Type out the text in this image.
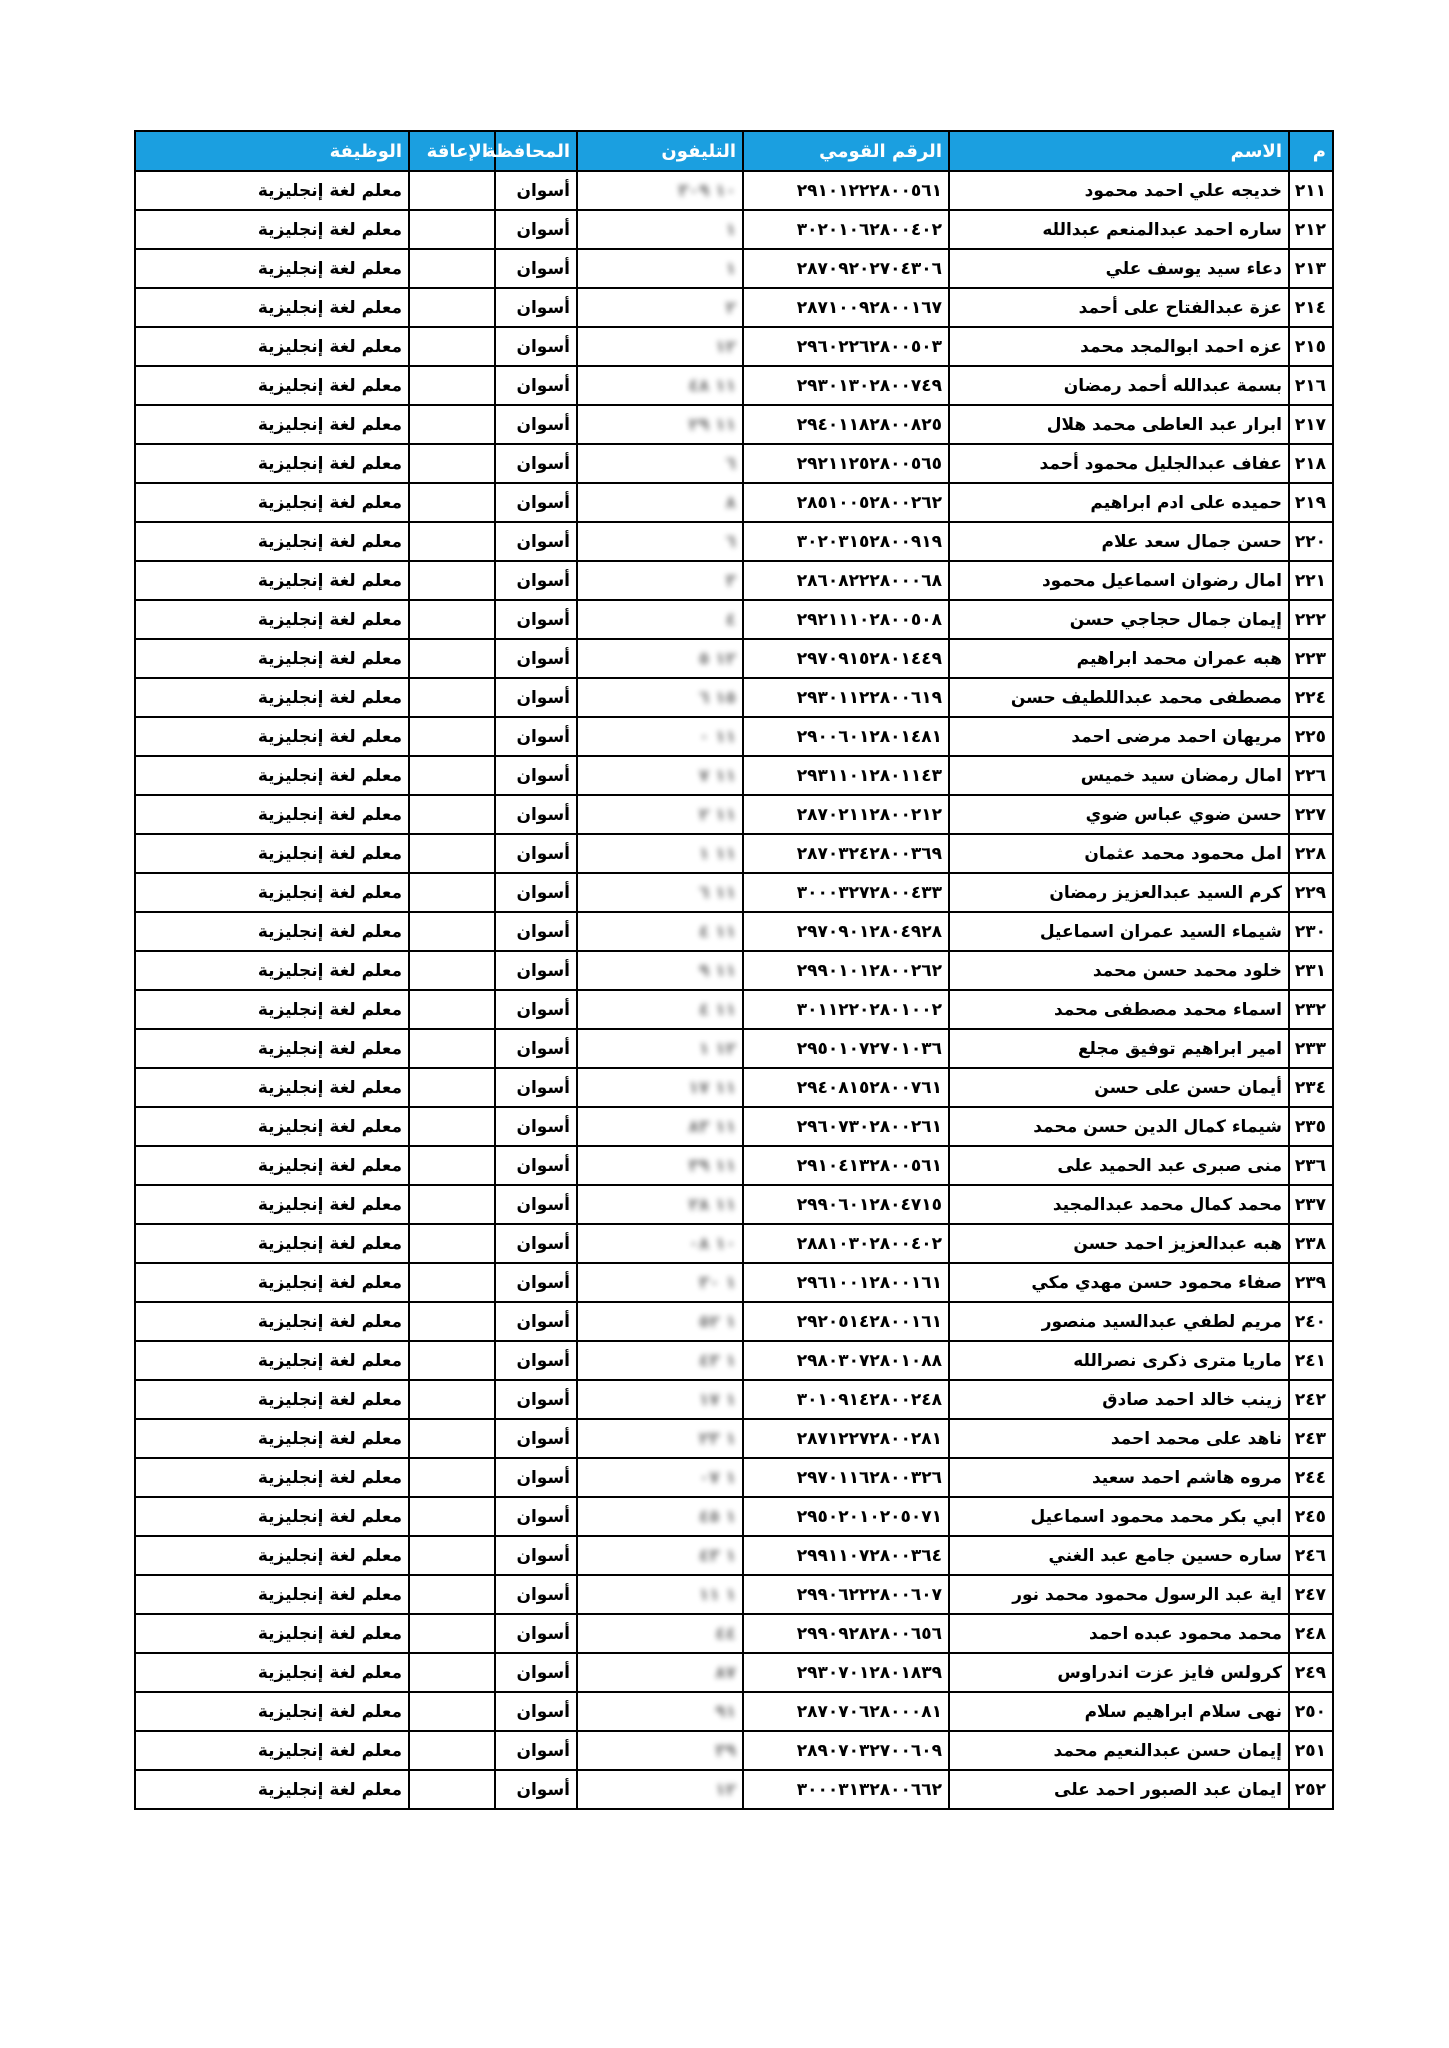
م	الاسم	الرقم القومي	التليفون	المحافظة	الإعاقة	الوظيفة
٢١١	خديجه علي احمد محمود	٢٩١٠١٢٢٢٨٠٠٥٦١	١٠ ٣٠٩	أسوان		معلم لغة إنجليزية
٢١٢	ساره احمد عبدالمنعم عبدالله	٣٠٢٠١٠٦٢٨٠٠٤٠٢	١	أسوان		معلم لغة إنجليزية
٢١٣	دعاء سيد يوسف علي	٢٨٧٠٩٢٠٢٧٠٤٣٠٦	١	أسوان		معلم لغة إنجليزية
٢١٤	عزة عبدالفتاح على أحمد	٢٨٧١٠٠٩٢٨٠٠١٦٧	٢	أسوان		معلم لغة إنجليزية
٢١٥	عزه احمد ابوالمجد محمد	٢٩٦٠٢٢٦٢٨٠٠٥٠٣	١٢	أسوان		معلم لغة إنجليزية
٢١٦	بسمة عبدالله أحمد رمضان	٢٩٣٠١٣٠٢٨٠٠٧٤٩	١١ ٤٨	أسوان		معلم لغة إنجليزية
٢١٧	ابرار عبد العاطى محمد هلال	٢٩٤٠١١٨٢٨٠٠٨٢٥	١١ ٢٩	أسوان		معلم لغة إنجليزية
٢١٨	عفاف عبدالجليل محمود أحمد	٢٩٢١١٢٥٢٨٠٠٥٦٥	٦	أسوان		معلم لغة إنجليزية
٢١٩	حميده على ادم ابراهيم	٢٨٥١٠٠٥٢٨٠٠٢٦٢	٨	أسوان		معلم لغة إنجليزية
٢٢٠	حسن جمال سعد علام	٣٠٢٠٣١٥٢٨٠٠٩١٩	٦	أسوان		معلم لغة إنجليزية
٢٢١	امال رضوان اسماعيل محمود	٢٨٦٠٨٢٢٢٨٠٠٠٦٨	٣	أسوان		معلم لغة إنجليزية
٢٢٢	إيمان جمال حجاجي حسن	٢٩٢١١١٠٢٨٠٠٥٠٨	٤	أسوان		معلم لغة إنجليزية
٢٢٣	هبه عمران محمد ابراهيم	٢٩٧٠٩١٥٢٨٠١٤٤٩	١٢ ٥	أسوان		معلم لغة إنجليزية
٢٢٤	مصطفى محمد عبداللطيف حسن	٢٩٣٠١١٢٢٨٠٠٦١٩	١٥ ٦	أسوان		معلم لغة إنجليزية
٢٢٥	مريهان احمد مرضى احمد	٢٩٠٠٦٠١٢٨٠١٤٨١	١١ ٠	أسوان		معلم لغة إنجليزية
٢٢٦	امال رمضان سيد خميس	٢٩٣١١٠١٢٨٠١١٤٣	١١ ٧	أسوان		معلم لغة إنجليزية
٢٢٧	حسن ضوي عباس ضوي	٢٨٧٠٢١١٢٨٠٠٢١٢	١١ ٢	أسوان		معلم لغة إنجليزية
٢٢٨	امل محمود محمد عثمان	٢٨٧٠٣٢٤٢٨٠٠٣٦٩	١١ ١	أسوان		معلم لغة إنجليزية
٢٢٩	كرم السيد عبدالعزيز رمضان	٣٠٠٠٣٢٧٢٨٠٠٤٣٣	١١ ٦	أسوان		معلم لغة إنجليزية
٢٣٠	شيماء السيد عمران اسماعيل	٢٩٧٠٩٠١٢٨٠٤٩٢٨	١١ ٤	أسوان		معلم لغة إنجليزية
٢٣١	خلود محمد حسن محمد	٢٩٩٠١٠١٢٨٠٠٢٦٢	١١ ٩	أسوان		معلم لغة إنجليزية
٢٣٢	اسماء محمد مصطفى محمد	٣٠١١٢٢٠٢٨٠١٠٠٢	١١ ٤	أسوان		معلم لغة إنجليزية
٢٣٣	امير ابراهيم توفيق مجلع	٢٩٥٠١٠٧٢٧٠١٠٣٦	١٢ ١	أسوان		معلم لغة إنجليزية
٢٣٤	أيمان حسن على حسن	٢٩٤٠٨١٥٢٨٠٠٧٦١	١١ ١٧	أسوان		معلم لغة إنجليزية
٢٣٥	شيماء كمال الدين حسن محمد	٢٩٦٠٧٣٠٢٨٠٠٢٦١	١١ ٨٣	أسوان		معلم لغة إنجليزية
٢٣٦	منى صبرى عبد الحميد على	٢٩١٠٤١٣٢٨٠٠٥٦١	١١ ٣٩	أسوان		معلم لغة إنجليزية
٢٣٧	محمد كمال محمد عبدالمجيد	٢٩٩٠٦٠١٢٨٠٤٧١٥	١١ ٢٨	أسوان		معلم لغة إنجليزية
٢٣٨	هبه عبدالعزيز احمد حسن	٢٨٨١٠٣٠٢٨٠٠٤٠٢	١٠ ٠٨	أسوان		معلم لغة إنجليزية
٢٣٩	صفاء محمود حسن مهدي مكي	٢٩٦١٠٠١٢٨٠٠١٦١	١ ٣٠	أسوان		معلم لغة إنجليزية
٢٤٠	مريم لطفي عبدالسيد منصور	٢٩٢٠٥١٤٢٨٠٠١٦١	١ ٥٢	أسوان		معلم لغة إنجليزية
٢٤١	ماريا مترى ذكرى نصرالله	٢٩٨٠٣٠٧٢٨٠١٠٨٨	١ ٤٣	أسوان		معلم لغة إنجليزية
٢٤٢	زينب خالد احمد صادق	٣٠١٠٩١٤٢٨٠٠٢٤٨	١ ١٧	أسوان		معلم لغة إنجليزية
٢٤٣	ناهد على محمد احمد	٢٨٧١٢٢٧٢٨٠٠٢٨١	١ ٢٣	أسوان		معلم لغة إنجليزية
٢٤٤	مروه هاشم احمد سعيد	٢٩٧٠١١٦٢٨٠٠٣٢٦	١ ٠٧	أسوان		معلم لغة إنجليزية
٢٤٥	ابي بكر محمد محمود اسماعيل	٢٩٥٠٢٠١٠٢٠٥٠٧١	١ ٤٥	أسوان		معلم لغة إنجليزية
٢٤٦	ساره حسين جامع عبد الغني	٢٩٩١١٠٧٢٨٠٠٣٦٤	١ ٤٣	أسوان		معلم لغة إنجليزية
٢٤٧	اية عبد الرسول محمود محمد نور	٢٩٩٠٦٢٢٢٨٠٠٦٠٧	١ ١١	أسوان		معلم لغة إنجليزية
٢٤٨	محمد محمود عبده احمد	٢٩٩٠٩٢٨٢٨٠٠٦٥٦	٤٤	أسوان		معلم لغة إنجليزية
٢٤٩	كرولس فايز عزت اندراوس	٢٩٣٠٧٠١٢٨٠١٨٣٩	٨٧	أسوان		معلم لغة إنجليزية
٢٥٠	نهى سلام ابراهيم سلام	٢٨٧٠٧٠٦٢٨٠٠٠٨١	٩١	أسوان		معلم لغة إنجليزية
٢٥١	إيمان حسن عبدالنعيم محمد	٢٨٩٠٧٠٣٢٧٠٠٦٠٩	٣٩	أسوان		معلم لغة إنجليزية
٢٥٢	ايمان عبد الصبور احمد على	٣٠٠٠٣١٣٢٨٠٠٦٦٢	١٢	أسوان		معلم لغة إنجليزية
